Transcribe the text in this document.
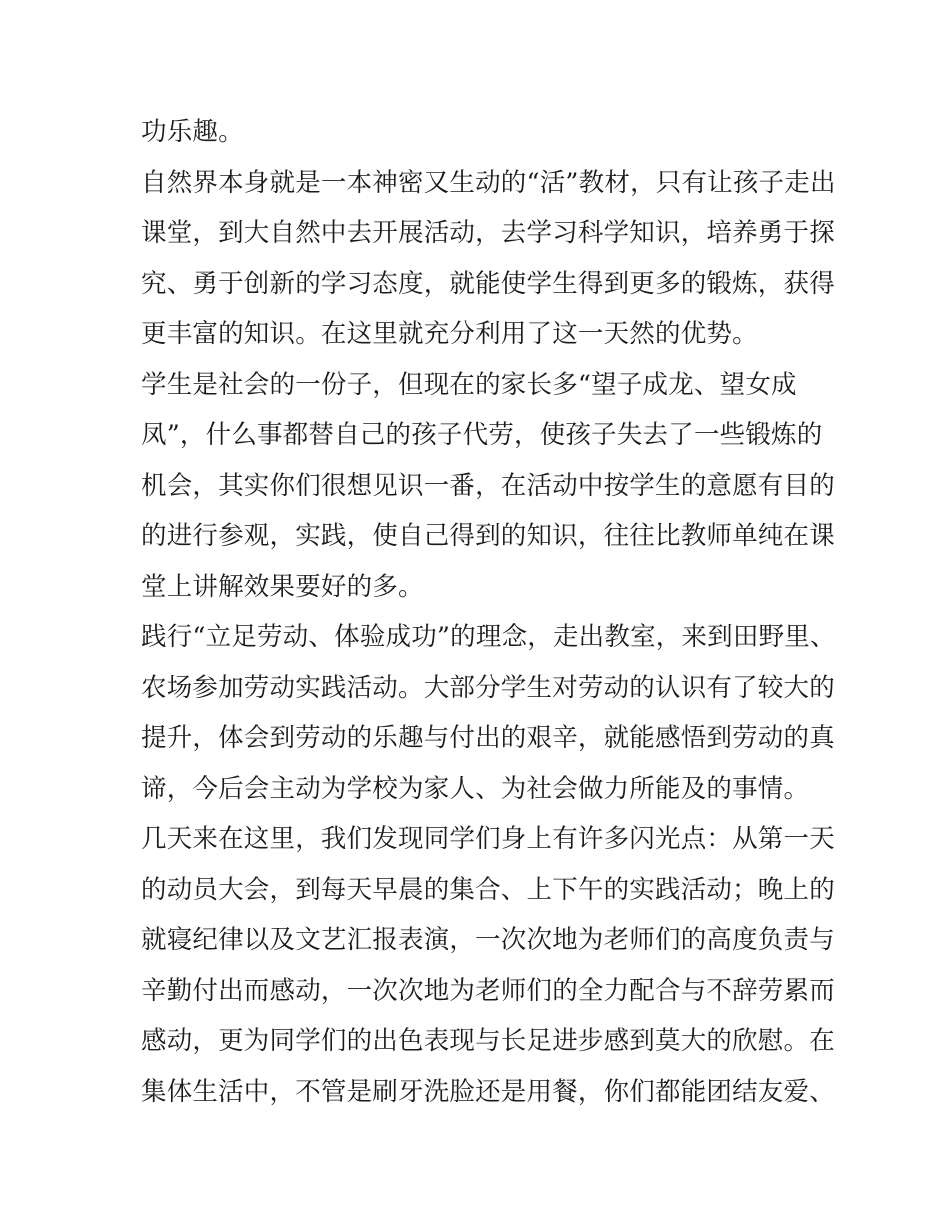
功乐趣。
自然界本身就是一本神密又生动的“活”教材，只有让孩子走出
课堂，到大自然中去开展活动，去学习科学知识，培养勇于探
究、勇于创新的学习态度，就能使学生得到更多的锻炼，获得
更丰富的知识。在这里就充分利用了这一天然的优势。
学生是社会的一份子，但现在的家长多“望子成龙、望女成
凤”，什么事都替自己的孩子代劳，使孩子失去了一些锻炼的
机会，其实你们很想见识一番，在活动中按学生的意愿有目的
的进行参观，实践，使自己得到的知识，往往比教师单纯在课
堂上讲解效果要好的多。
践行“立足劳动、体验成功”的理念，走出教室，来到田野里、
农场参加劳动实践活动。大部分学生对劳动的认识有了较大的
提升，体会到劳动的乐趣与付出的艰辛，就能感悟到劳动的真
谛，今后会主动为学校为家人、为社会做力所能及的事情。
几天来在这里，我们发现同学们身上有许多闪光点：从第一天
的动员大会，到每天早晨的集合、上下午的实践活动；晚上的
就寝纪律以及文艺汇报表演，一次次地为老师们的高度负责与
辛勤付出而感动，一次次地为老师们的全力配合与不辞劳累而
感动，更为同学们的出色表现与长足进步感到莫大的欣慰。在
集体生活中，不管是刷牙洗脸还是用餐，你们都能团结友爱、
